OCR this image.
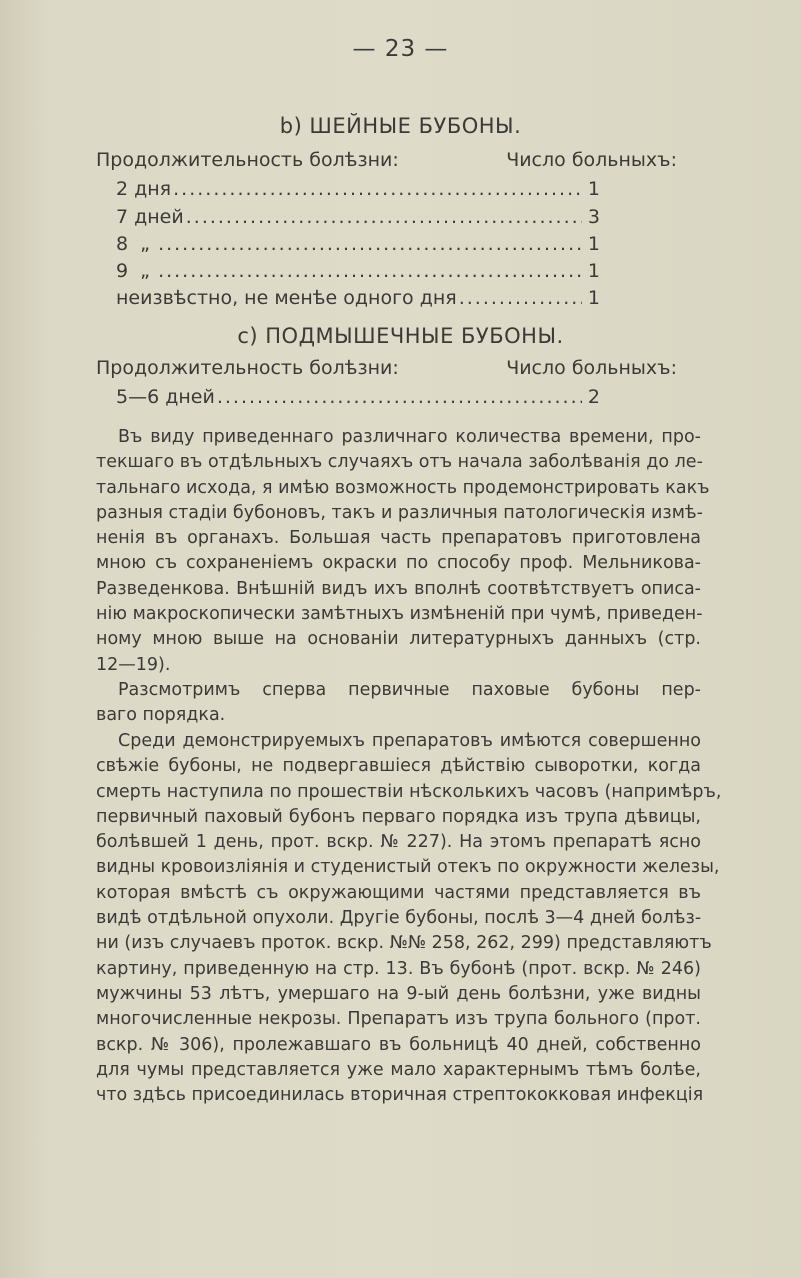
— 23 —
b) ШЕЙНЫЕ БУБОНЫ.
Продолжительность болѣзни:	Число больныхъ:
2 дня .....	1
7 дней .....	3
8  „ .....	1
9  „ .....	1
неизвѣстно, не менѣе одного дня .....	1
c) ПОДМЫШЕЧНЫЕ БУБОНЫ.
Продолжительность болѣзни:	Число больныхъ:
5—6 дней .....	2
Въ виду приведеннаго различнаго количества времени, про-
текшаго въ отдѣльныхъ случаяхъ отъ начала заболѣванія до ле-
тальнаго исхода, я имѣю возможность продемонстрировать какъ
разныя стадіи бубоновъ, такъ и различныя патологическія измѣ-
ненія въ органахъ. Большая часть препаратовъ приготовлена
мною съ сохраненіемъ окраски по способу проф. Мельникова-
Разведенкова. Внѣшній видъ ихъ вполнѣ соотвѣтствуетъ описа-
нію макроскопически замѣтныхъ измѣненій при чумѣ, приведен-
ному мною выше на основаніи литературныхъ данныхъ (стр.
12—19).
Разсмотримъ сперва первичные паховые бубоны пер-
ваго порядка.
Среди демонстрируемыхъ препаратовъ имѣются совершенно
свѣжіе бубоны, не подвергавшіеся дѣйствію сыворотки, когда
смерть наступила по прошествіи нѣсколькихъ часовъ (напримѣръ,
первичный паховый бубонъ перваго порядка изъ трупа дѣвицы,
болѣвшей 1 день, прот. вскр. № 227). На этомъ препаратѣ ясно
видны кровоизліянія и студенистый отекъ по окружности железы,
которая вмѣстѣ съ окружающими частями представляется въ
видѣ отдѣльной опухоли. Другіе бубоны, послѣ 3—4 дней болѣз-
ни (изъ случаевъ проток. вскр. №№ 258, 262, 299) представляютъ
картину, приведенную на стр. 13. Въ бубонѣ (прот. вскр. № 246)
мужчины 53 лѣтъ, умершаго на 9-ый день болѣзни, уже видны
многочисленные некрозы. Препаратъ изъ трупа больного (прот.
вскр. № 306), пролежавшаго въ больницѣ 40 дней, собственно
для чумы представляется уже мало характернымъ тѣмъ болѣе,
что здѣсь присоединилась вторичная стрептококковая инфекція
